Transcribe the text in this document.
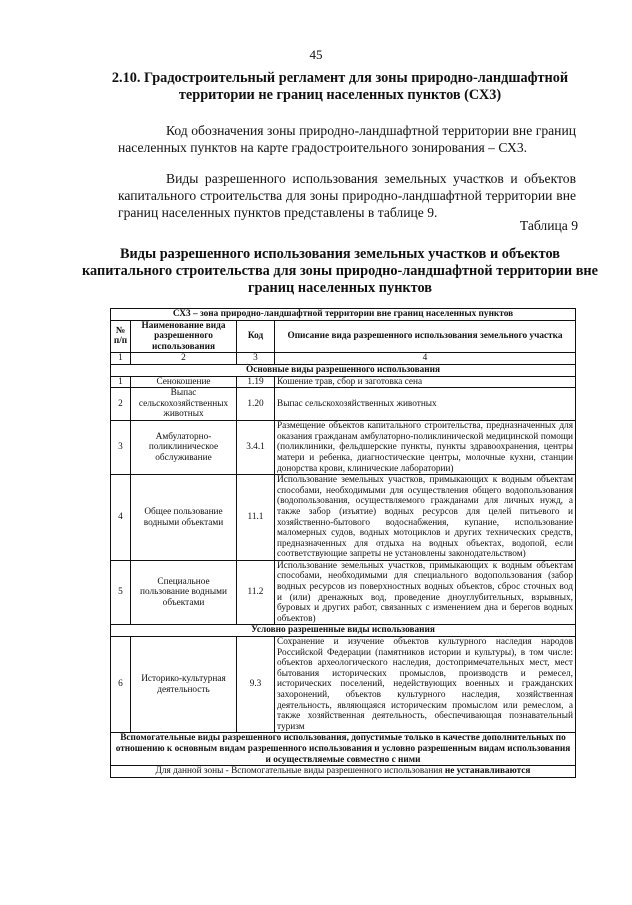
45
2.10. Градостроительный регламент для зоны природно-ландшафтной территории не границ населенных пунктов (СХ3)
Код обозначения зоны природно-ландшафтной территории вне границ населенных пунктов на карте градостроительного зонирования – СХ3.
Виды разрешенного использования земельных участков и объектов капитального строительства для зоны природно-ландшафтной территории вне границ населенных пунктов представлены в таблице 9.
Таблица 9
Виды разрешенного использования земельных участков и объектов капитального строительства для зоны природно-ландшафтной территории вне границ населенных пунктов
СХ3 – зона природно-ландшафтной территории вне границ населенных пунктов			
№ п/п	Наименование вида разрешенного использования	Код	Описание вида разрешенного использования земельного участка
1	2	3	4
Основные виды разрешенного использования			
1	Сенокошение	1.19	Кошение трав, сбор и заготовка сена
2	Выпас сельскохозяйственных животных	1.20	Выпас сельскохозяйственных животных
3	Амбулаторно-поликлиническое обслуживание	3.4.1	Размещение объектов капитального строительства, предназначенных для оказания гражданам амбулаторно-поликлинической медицинской помощи (поликлиники, фельдшерские пункты, пункты здравоохранения, центры матери и ребенка, диагностические центры, молочные кухни, станции донорства крови, клинические лаборатории)
4	Общее пользование водными объектами	11.1	Использование земельных участков, примыкающих к водным объектам способами, необходимыми для осуществления общего водопользования (водопользования, осуществляемого гражданами для личных нужд, а также забор (изъятие) водных ресурсов для целей питьевого и хозяйственно-бытового водоснабжения, купание, использование маломерных судов, водных мотоциклов и других технических средств, предназначенных для отдыха на водных объектах, водопой, если соответствующие запреты не установлены законодательством)
5	Специальное пользование водными объектами	11.2	Использование земельных участков, примыкающих к водным объектам способами, необходимыми для специального водопользования (забор водных ресурсов из поверхностных водных объектов, сброс сточных вод и (или) дренажных вод, проведение дноуглубительных, взрывных, буровых и других работ, связанных с изменением дна и берегов водных объектов)
Условно разрешенные виды использования			
6	Историко-культурная деятельность	9.3	Сохранение и изучение объектов культурного наследия народов Российской Федерации (памятников истории и культуры), в том числе: объектов археологического наследия, достопримечательных мест, мест бытования исторических промыслов, производств и ремесел, исторических поселений, недействующих военных и гражданских захоронений, объектов культурного наследия, хозяйственная деятельность, являющаяся историческим промыслом или ремеслом, а также хозяйственная деятельность, обеспечивающая познавательный туризм
Вспомогательные виды разрешенного использования, допустимые только в качестве дополнительных по отношению к основным видам разрешенного использования и условно разрешенным видам использования и осуществляемые совместно с ними			
Для данной зоны - Вспомогательные виды разрешенного использования не устанавливаются			
